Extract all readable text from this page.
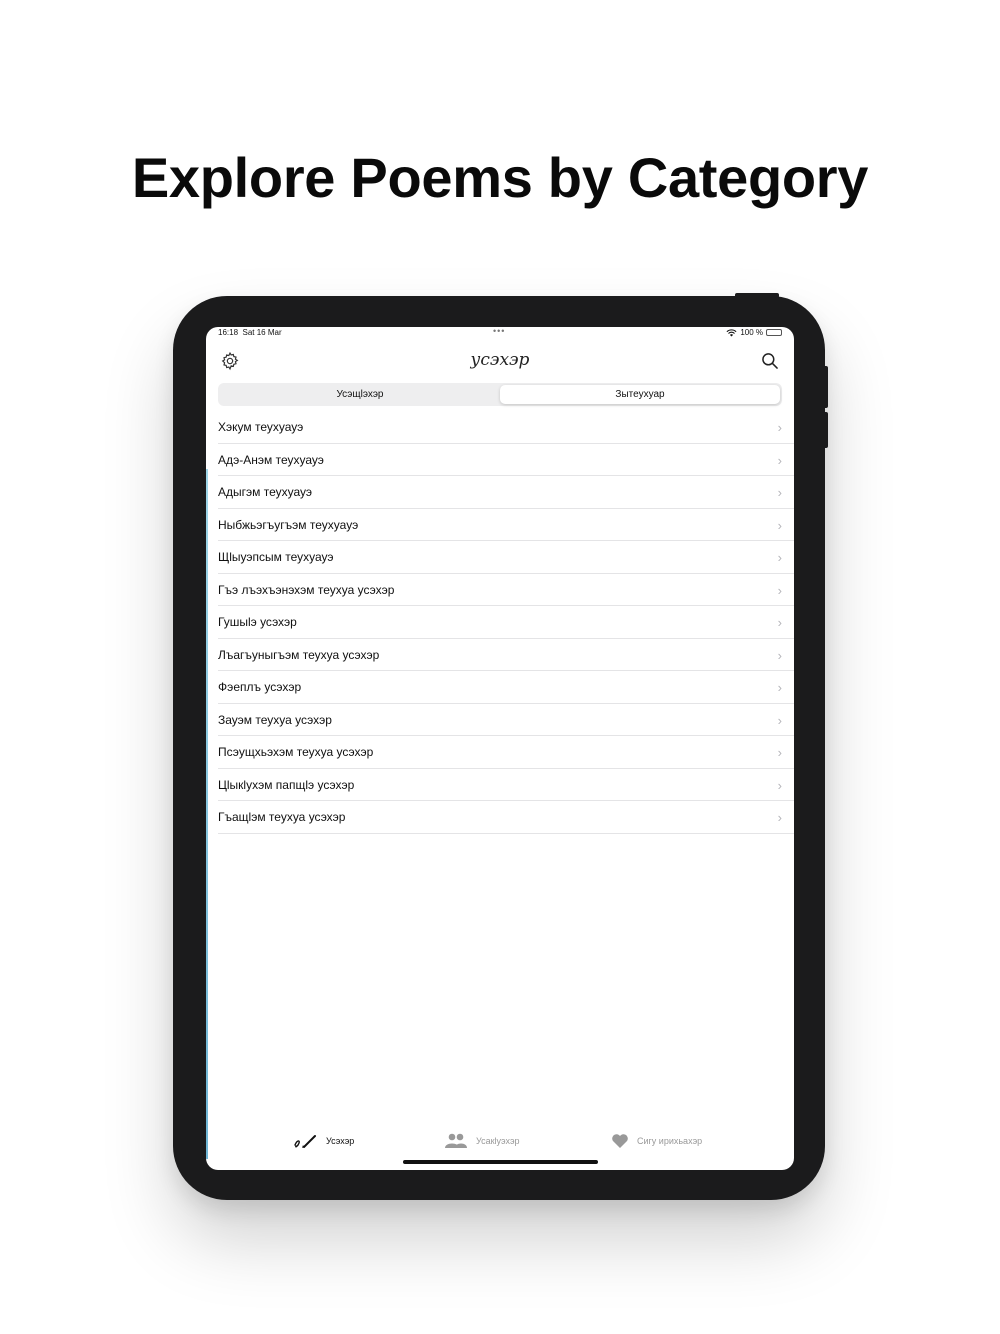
Explore Poems by Category
16:18 Sat 16 Mar	•••	100 %
усэхэр
Усэщlэхэр	Зытеухуар
Хэкум теухуауэ	›
Адэ-Анэм теухуауэ	›
Адыгэм теухуауэ	›
Ныбжьэгъугъэм теухуауэ	›
Щlыуэпсым теухуауэ	›
Гъэ лъэхъэнэхэм теухуа усэхэр	›
Гушыlэ усэхэр	›
Лъагъуныгъэм теухуа усэхэр	›
Фэеплъ усэхэр	›
Зауэм теухуа усэхэр	›
Псэущхьэхэм теухуа усэхэр	›
Цlыкlухэм папщlэ усэхэр	›
Гъащlэм теухуа усэхэр	›
Усэхэр	Усакlуэхэр	Сигу ирихьахэр
